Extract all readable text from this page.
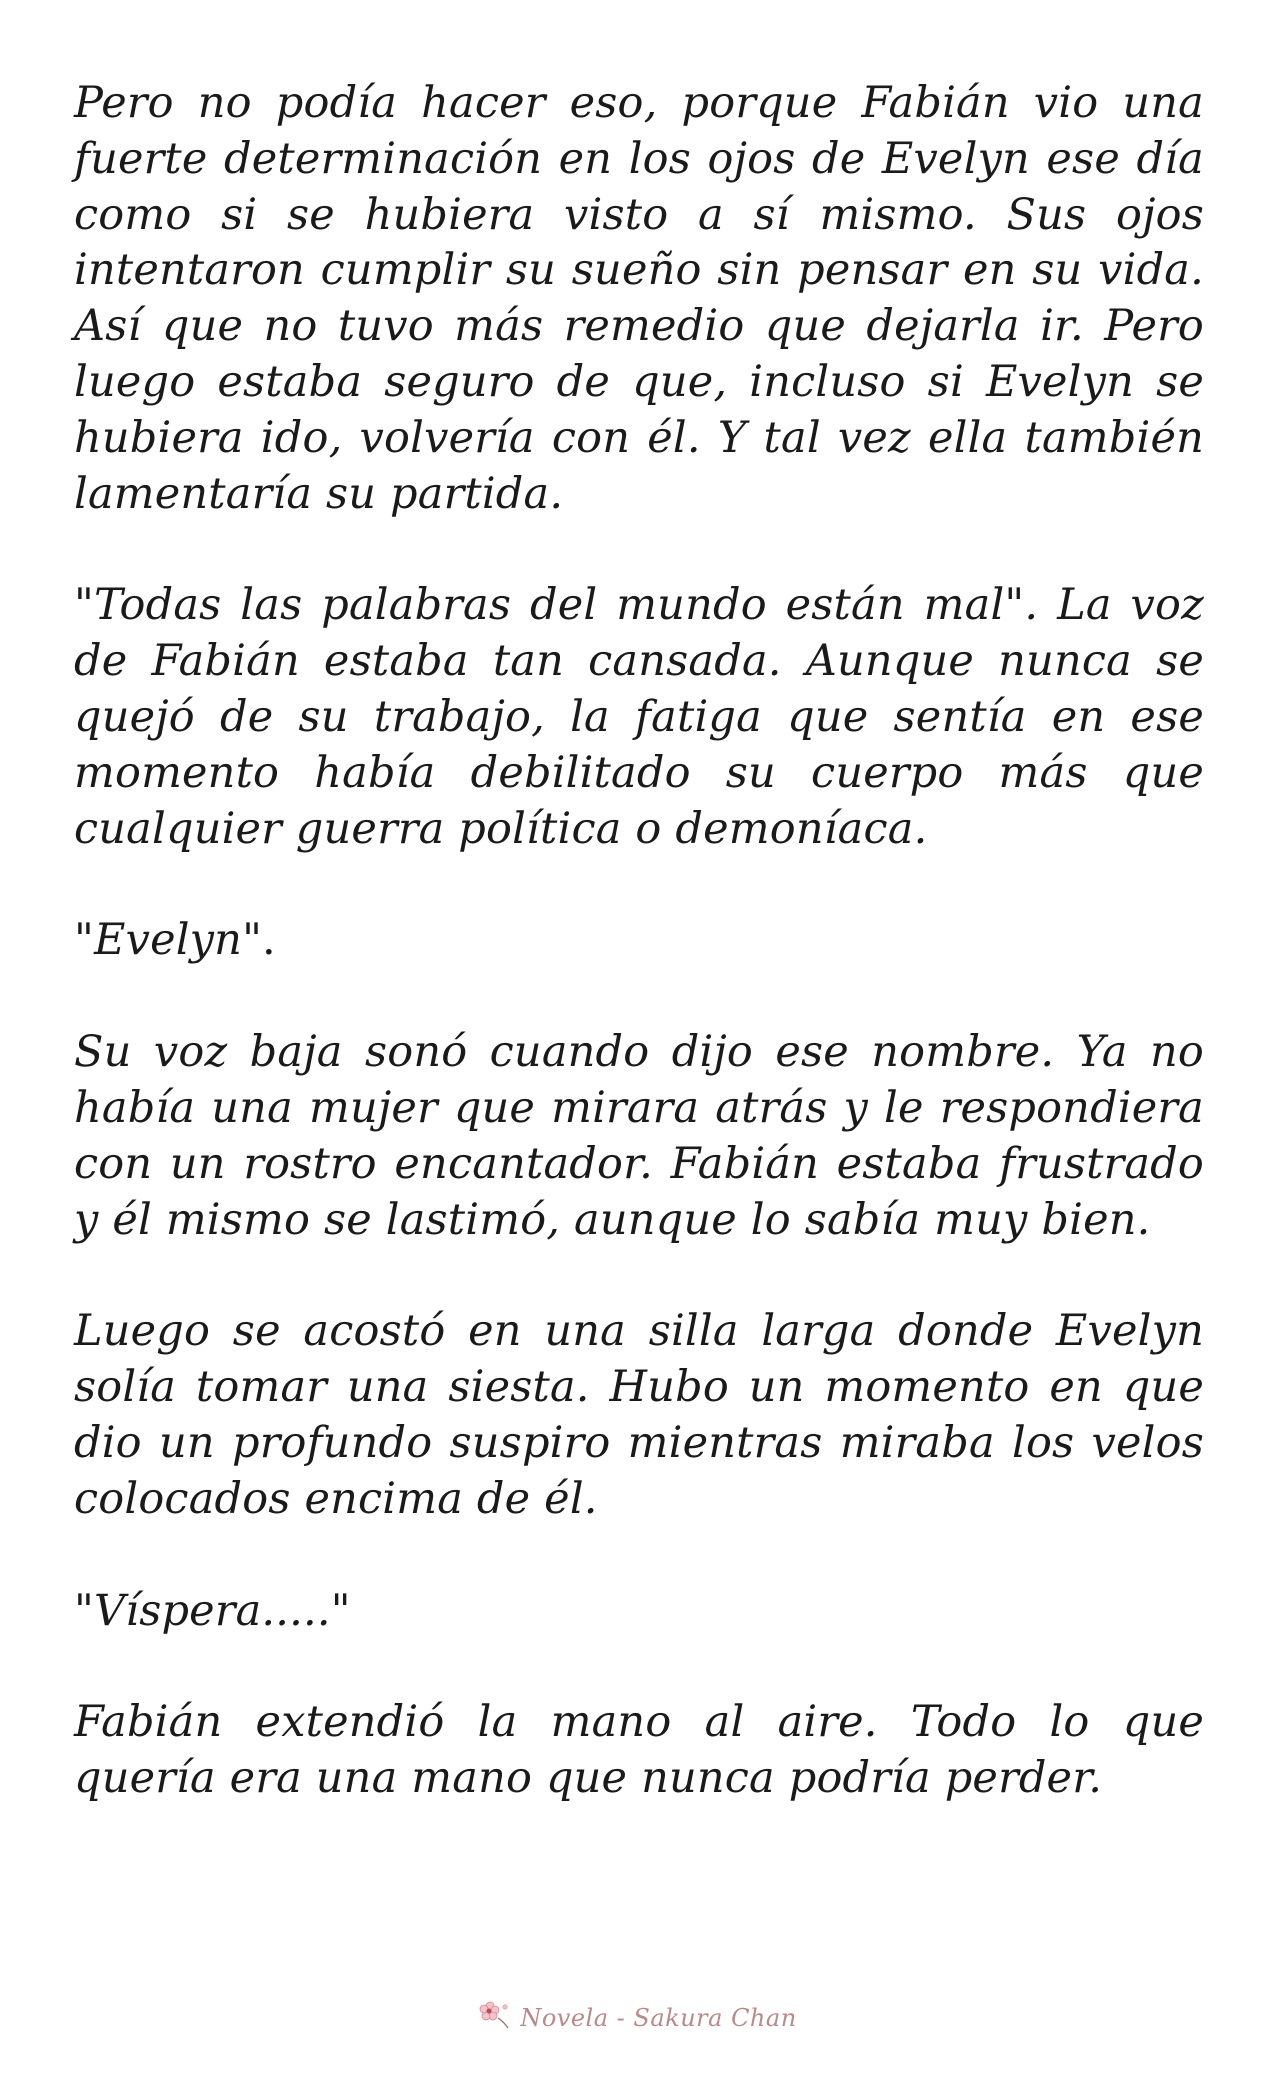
Pero no podía hacer eso, porque Fabián vio una fuerte determinación en los ojos de Evelyn ese día como si se hubiera visto a sí mismo. Sus ojos intentaron cumplir su sueño sin pensar en su vida. Así que no tuvo más remedio que dejarla ir. Pero luego estaba seguro de que, incluso si Evelyn se hubiera ido, volvería con él. Y tal vez ella también lamentaría su partida.

"Todas las palabras del mundo están mal". La voz de Fabián estaba tan cansada. Aunque nunca se quejó de su trabajo, la fatiga que sentía en ese momento había debilitado su cuerpo más que cualquier guerra política o demoníaca.

"Evelyn".

Su voz baja sonó cuando dijo ese nombre. Ya no había una mujer que mirara atrás y le respondiera con un rostro encantador. Fabián estaba frustrado y él mismo se lastimó, aunque lo sabía muy bien.

Luego se acostó en una silla larga donde Evelyn solía tomar una siesta. Hubo un momento en que dio un profundo suspiro mientras miraba los velos colocados encima de él.

"Víspera....."

Fabián extendió la mano al aire. Todo lo que quería era una mano que nunca podría perder.

Novela - Sakura Chan
